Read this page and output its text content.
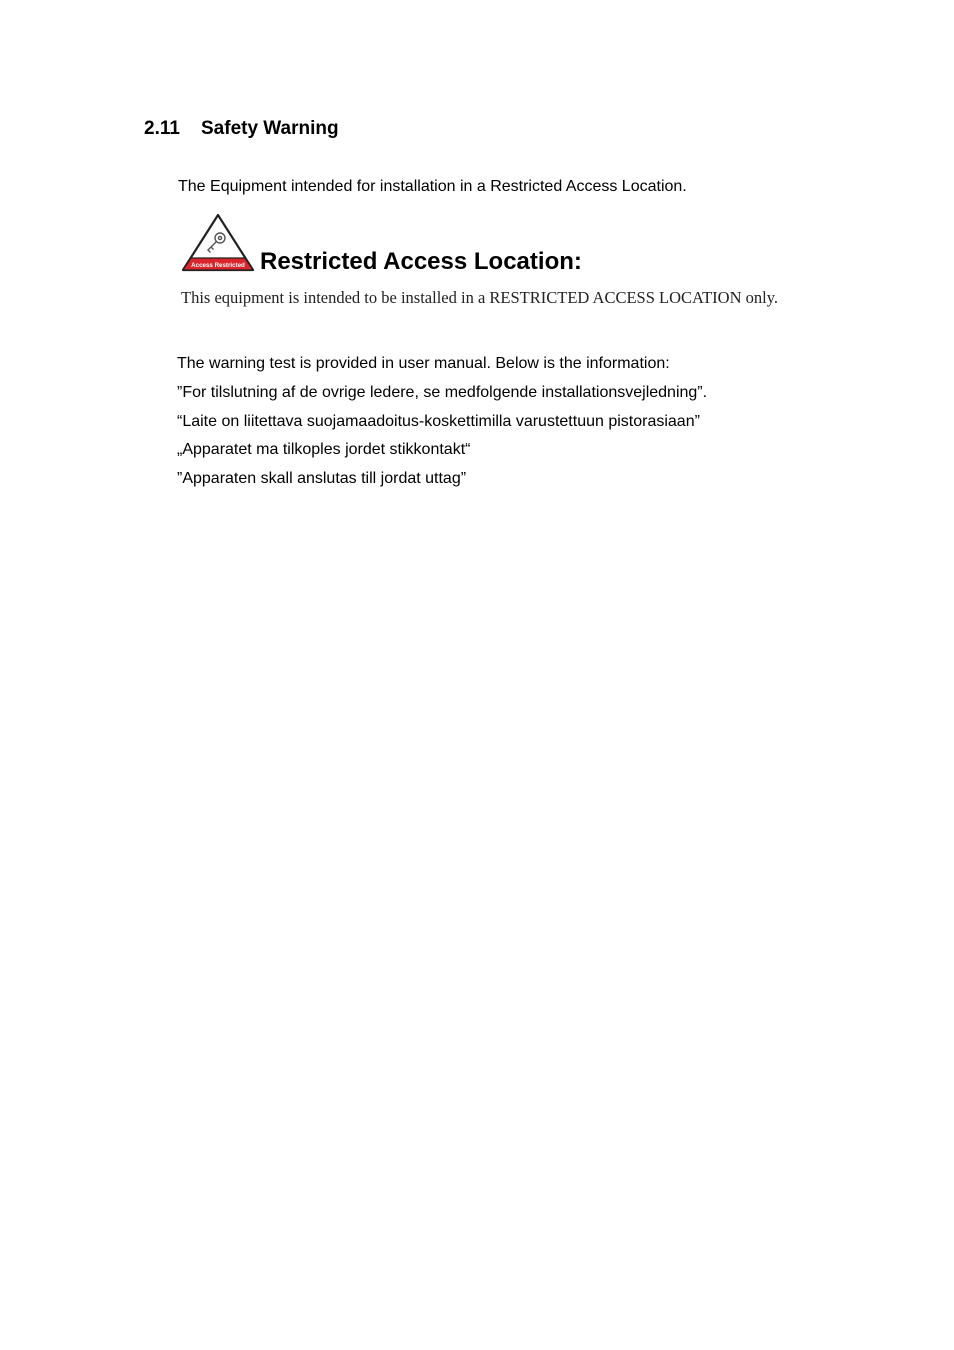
2.11 Safety Warning
The Equipment intended for installation in a Restricted Access Location.
Access Restricted Restricted Access Location:
This equipment is intended to be installed in a RESTRICTED ACCESS LOCATION only.

The warning test is provided in user manual. Below is the information:

”For tilslutning af de ovrige ledere, se medfolgende installationsvejledning”.

“Laite on liitettava suojamaadoitus-koskettimilla varustettuun pistorasiaan”

„Apparatet ma tilkoples jordet stikkontakt“

”Apparaten skall anslutas till jordat uttag”
